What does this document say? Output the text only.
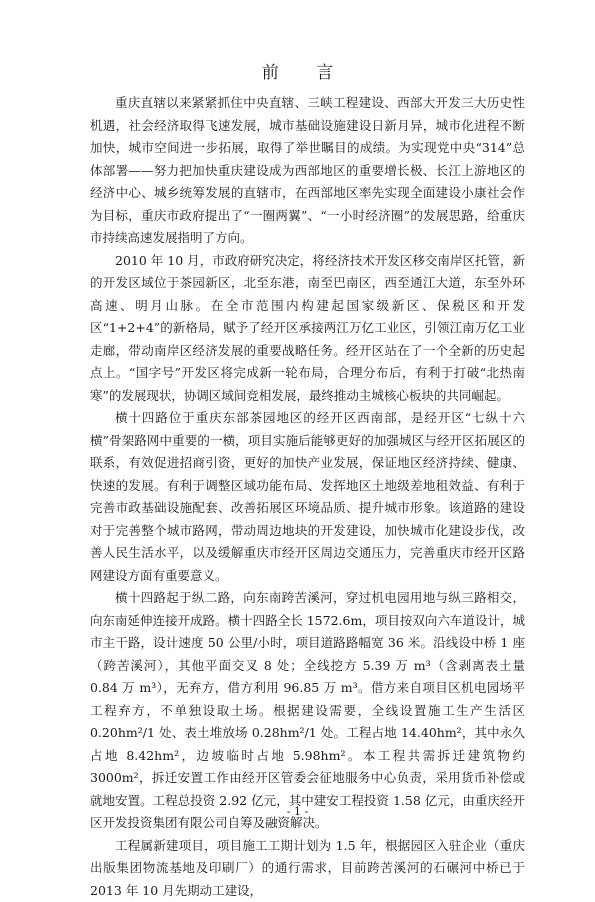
前 言

重庆直辖以来紧紧抓住中央直辖、三峡工程建设、西部大开发三大历史性机遇，社会经济取得飞速发展，城市基础设施建设日新月异，城市化进程不断加快，城市空间进一步拓展，取得了举世瞩目的成绩。为实现党中央“314”总体部署——努力把加快重庆建设成为西部地区的重要增长极、长江上游地区的经济中心、城乡统筹发展的直辖市，在西部地区率先实现全面建设小康社会作为目标，重庆市政府提出了“一圈两翼”、“一小时经济圈”的发展思路，给重庆市持续高速发展指明了方向。

2010 年 10 月，市政府研究决定，将经济技术开发区移交南岸区托管，新的开发区域位于茶园新区，北至东港，南至巴南区，西至通江大道，东至外环高速、明月山脉。在全市范围内构建起国家级新区、保税区和开发区“1+2+4”的新格局，赋予了经开区承接两江万亿工业区，引领江南万亿工业走廊，带动南岸区经济发展的重要战略任务。经开区站在了一个全新的历史起点上。“国字号”开发区将完成新一轮布局，合理分布后，有利于打破“北热南寒”的发展现状，协调区域间竞相发展，最终推动主城核心板块的共同崛起。

横十四路位于重庆东部茶园地区的经开区西南部，是经开区“七纵十六横”骨架路网中重要的一横，项目实施后能够更好的加强城区与经开区拓展区的联系，有效促进招商引资，更好的加快产业发展，保证地区经济持续、健康、快速的发展。有利于调整区域功能布局、发挥地区土地级差地租效益、有利于完善市政基础设施配套、改善拓展区环境品质、提升城市形象。该道路的建设对于完善整个城市路网，带动周边地块的开发建设，加快城市化建设步伐，改善人民生活水平，以及缓解重庆市经开区周边交通压力，完善重庆市经开区路网建设方面有重要意义。

横十四路起于纵二路，向东南跨苦溪河，穿过机电园用地与纵三路相交，向东南延伸连接开成路。横十四路全长 1572.6m，项目按双向六车道设计，城市主干路，设计速度 50 公里/小时，项目道路路幅宽 36 米。沿线设中桥 1 座（跨苦溪河），其他平面交叉 8 处；全线挖方 5.39 万 m³（含剥离表土量 0.84 万 m³），无弃方，借方利用 96.85 万 m³。借方来自项目区机电园场平工程弃方，不单独设取土场。根据建设需要，全线设置施工生产生活区 0.20hm²/1 处、表土堆放场 0.28hm²/1 处。工程占地 14.40hm²，其中永久占地 8.42hm²，边坡临时占地 5.98hm²。本工程共需拆迁建筑物约 3000m²，拆迁安置工作由经开区管委会征地服务中心负责，采用货币补偿或就地安置。工程总投资 2.92 亿元，其中建安工程投资 1.58 亿元，由重庆经开区开发投资集团有限公司自筹及融资解决。

工程属新建项目，项目施工工期计划为 1.5 年，根据园区入驻企业（重庆出版集团物流基地及印刷厂）的通行需求，目前跨苦溪河的石碾河中桥已于 2013 年 10 月先期动工建设，

- 1 -
